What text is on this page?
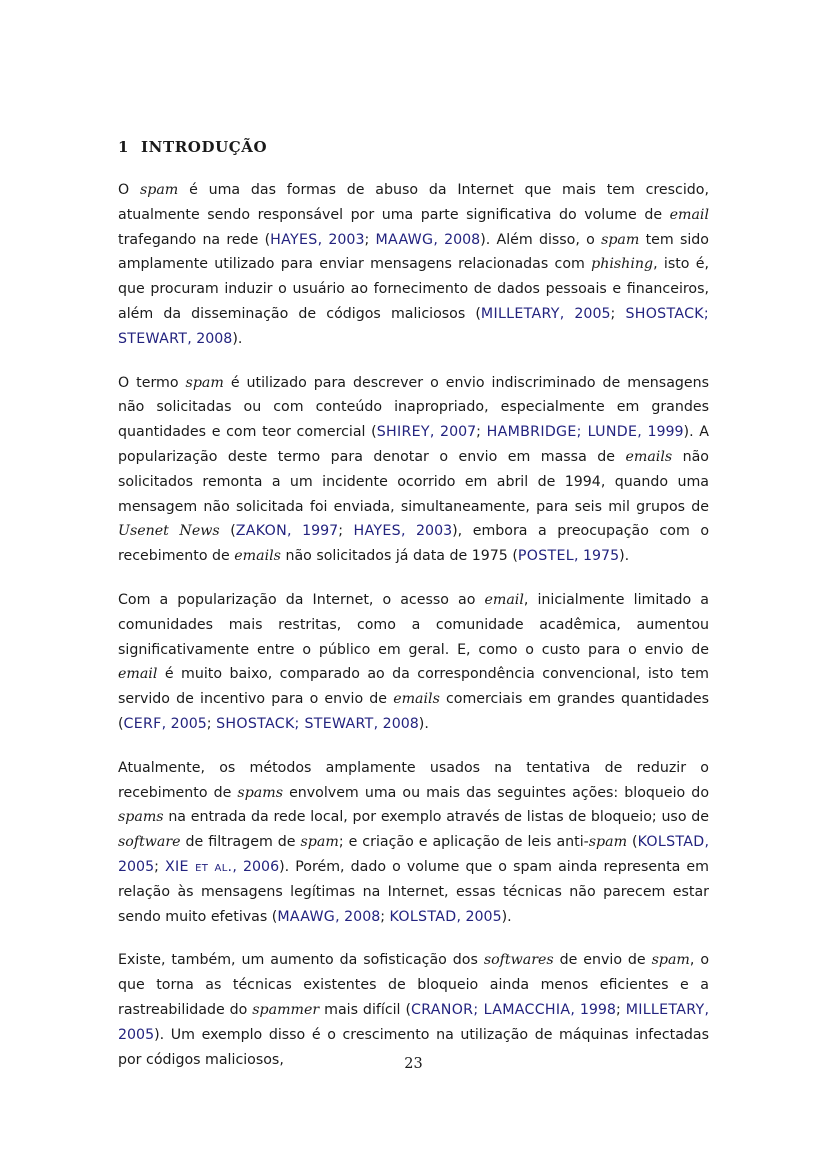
1 INTRODUÇÃO

O spam é uma das formas de abuso da Internet que mais tem crescido, atualmente sendo responsável por uma parte significativa do volume de email trafegando na rede (HAYES, 2003; MAAWG, 2008). Além disso, o spam tem sido amplamente utilizado para enviar mensagens relacionadas com phishing, isto é, que procuram induzir o usuário ao fornecimento de dados pessoais e financeiros, além da disseminação de códigos maliciosos (MILLETARY, 2005; SHOSTACK; STEWART, 2008).

O termo spam é utilizado para descrever o envio indiscriminado de mensagens não solicitadas ou com conteúdo inapropriado, especialmente em grandes quantidades e com teor comercial (SHIREY, 2007; HAMBRIDGE; LUNDE, 1999). A popularização deste termo para denotar o envio em massa de emails não solicitados remonta a um incidente ocorrido em abril de 1994, quando uma mensagem não solicitada foi enviada, simultaneamente, para seis mil grupos de Usenet News (ZAKON, 1997; HAYES, 2003), embora a preocupação com o recebimento de emails não solicitados já data de 1975 (POSTEL, 1975).

Com a popularização da Internet, o acesso ao email, inicialmente limitado a comunidades mais restritas, como a comunidade acadêmica, aumentou significativamente entre o público em geral. E, como o custo para o envio de email é muito baixo, comparado ao da correspondência convencional, isto tem servido de incentivo para o envio de emails comerciais em grandes quantidades (CERF, 2005; SHOSTACK; STEWART, 2008).

Atualmente, os métodos amplamente usados na tentativa de reduzir o recebimento de spams envolvem uma ou mais das seguintes ações: bloqueio do spams na entrada da rede local, por exemplo através de listas de bloqueio; uso de software de filtragem de spam; e criação e aplicação de leis anti-spam (KOLSTAD, 2005; XIE et al., 2006). Porém, dado o volume que o spam ainda representa em relação às mensagens legítimas na Internet, essas técnicas não parecem estar sendo muito efetivas (MAAWG, 2008; KOLSTAD, 2005).

Existe, também, um aumento da sofisticação dos softwares de envio de spam, o que torna as técnicas existentes de bloqueio ainda menos eficientes e a rastreabilidade do spammer mais difícil (CRANOR; LAMACCHIA, 1998; MILLETARY, 2005). Um exemplo disso é o crescimento na utilização de máquinas infectadas por códigos maliciosos,	23
